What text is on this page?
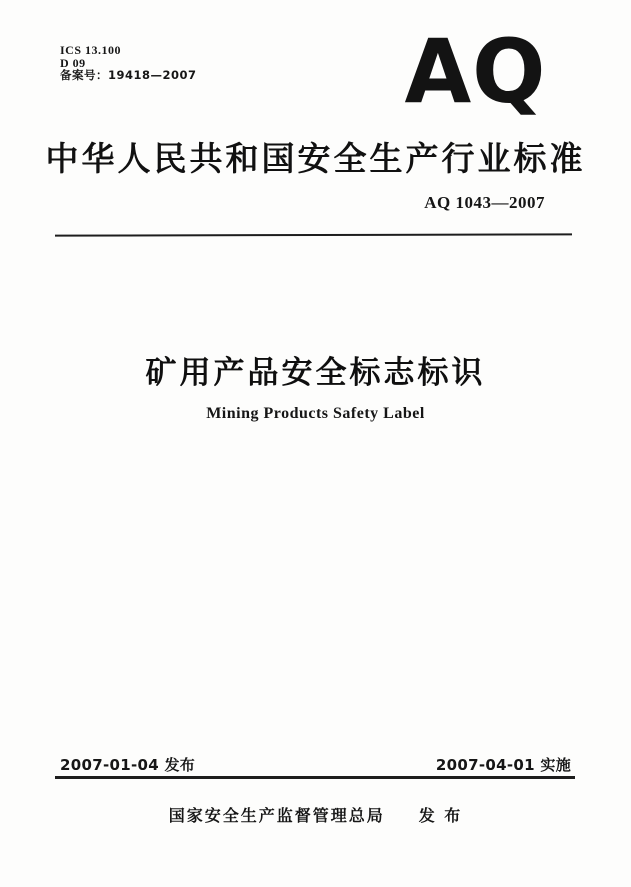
ICS 13.100
D 09
备案号：19418—2007 AQ
中华人民共和国安全生产行业标准
AQ 1043—2007
矿用产品安全标志标识
Mining Products Safety Label
2007-01-04 发布	2007-04-01 实施
国家安全生产监督管理总局 发 布
